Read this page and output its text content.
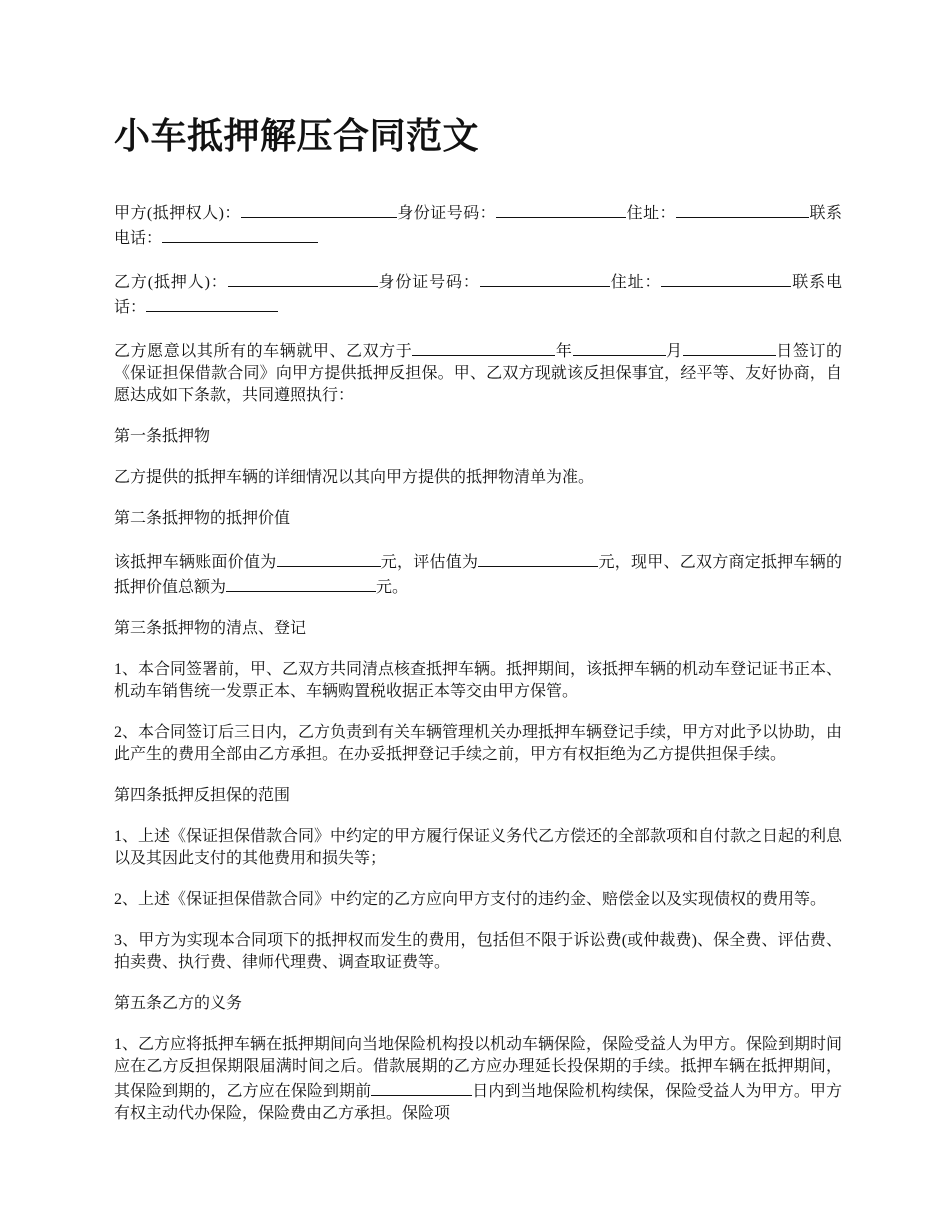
小车抵押解压合同范文

甲方(抵押权人)：	身份证号码：	住址：	联系电话：

乙方(抵押人)：	身份证号码：	住址：	联系电话：

乙方愿意以其所有的车辆就甲、乙双方于	年	月	日签订的《保证担保借款合同》向甲方提供抵押反担保。甲、乙双方现就该反担保事宜，经平等、友好协商，自愿达成如下条款，共同遵照执行：

第一条抵押物

乙方提供的抵押车辆的详细情况以其向甲方提供的抵押物清单为准。

第二条抵押物的抵押价值

该抵押车辆账面价值为	元，评估值为	元，现甲、乙双方商定抵押车辆的抵押价值总额为	元。

第三条抵押物的清点、登记

1、本合同签署前，甲、乙双方共同清点核查抵押车辆。抵押期间，该抵押车辆的机动车登记证书正本、机动车销售统一发票正本、车辆购置税收据正本等交由甲方保管。

2、本合同签订后三日内，乙方负责到有关车辆管理机关办理抵押车辆登记手续，甲方对此予以协助，由此产生的费用全部由乙方承担。在办妥抵押登记手续之前，甲方有权拒绝为乙方提供担保手续。

第四条抵押反担保的范围

1、上述《保证担保借款合同》中约定的甲方履行保证义务代乙方偿还的全部款项和自付款之日起的利息以及其因此支付的其他费用和损失等；

2、上述《保证担保借款合同》中约定的乙方应向甲方支付的违约金、赔偿金以及实现债权的费用等。

3、甲方为实现本合同项下的抵押权而发生的费用，包括但不限于诉讼费(或仲裁费)、保全费、评估费、拍卖费、执行费、律师代理费、调查取证费等。

第五条乙方的义务

1、乙方应将抵押车辆在抵押期间向当地保险机构投以机动车辆保险，保险受益人为甲方。保险到期时间应在乙方反担保期限届满时间之后。借款展期的乙方应办理延长投保期的手续。抵押车辆在抵押期间，其保险到期的，乙方应在保险到期前	日内到当地保险机构续保，保险受益人为甲方。甲方有权主动代办保险，保险费由乙方承担。保险项
